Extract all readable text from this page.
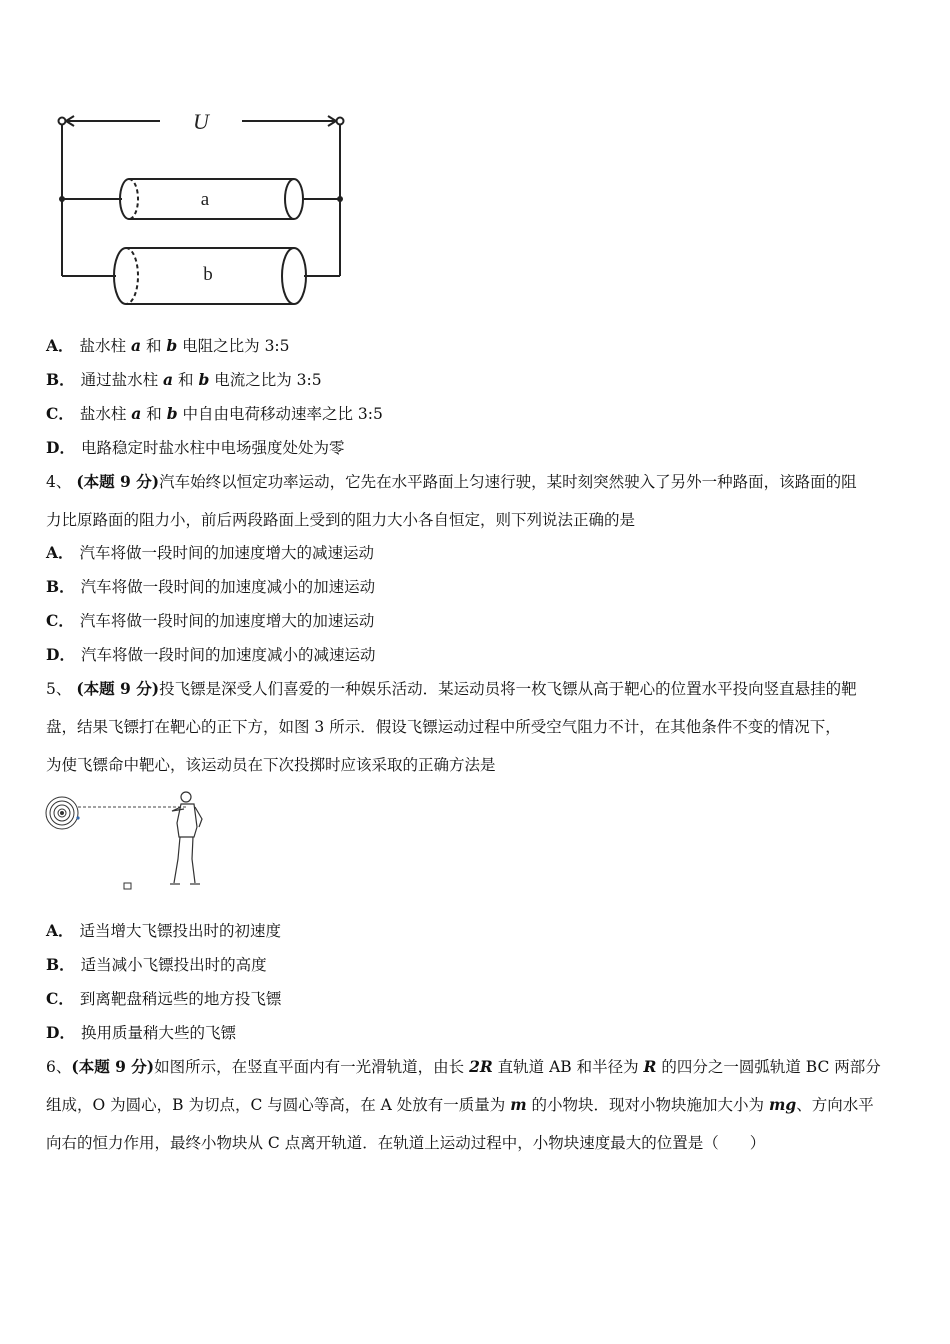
U
a
b
A． 盐水柱 a 和 b 电阻之比为 3:5
B． 通过盐水柱 a 和 b 电流之比为 3:5
C． 盐水柱 a 和 b 中自由电荷移动速率之比 3:5
D． 电路稳定时盐水柱中电场强度处处为零
4、 (本题 9 分)汽车始终以恒定功率运动，它先在水平路面上匀速行驶，某时刻突然驶入了另外一种路面，该路面的阻
力比原路面的阻力小，前后两段路面上受到的阻力大小各自恒定，则下列说法正确的是
A． 汽车将做一段时间的加速度增大的减速运动
B． 汽车将做一段时间的加速度减小的加速运动
C． 汽车将做一段时间的加速度增大的加速运动
D． 汽车将做一段时间的加速度减小的减速运动
5、 (本题 9 分)投飞镖是深受人们喜爱的一种娱乐活动．某运动员将一枚飞镖从高于靶心的位置水平投向竖直悬挂的靶
盘，结果飞镖打在靶心的正下方，如图 3 所示．假设飞镖运动过程中所受空气阻力不计，在其他条件不变的情况下，
为使飞镖命中靶心，该运动员在下次投掷时应该采取的正确方法是
A． 适当增大飞镖投出时的初速度
B． 适当减小飞镖投出时的高度
C． 到离靶盘稍远些的地方投飞镖
D． 换用质量稍大些的飞镖
6、(本题 9 分)如图所示，在竖直平面内有一光滑轨道，由长 2R 直轨道 AB 和半径为 R 的四分之一圆弧轨道 BC 两部分
组成，O 为圆心，B 为切点，C 与圆心等高，在 A 处放有一质量为 m 的小物块．现对小物块施加大小为 mg、方向水平
向右的恒力作用，最终小物块从 C 点离开轨道．在轨道上运动过程中，小物块速度最大的位置是（　　）
